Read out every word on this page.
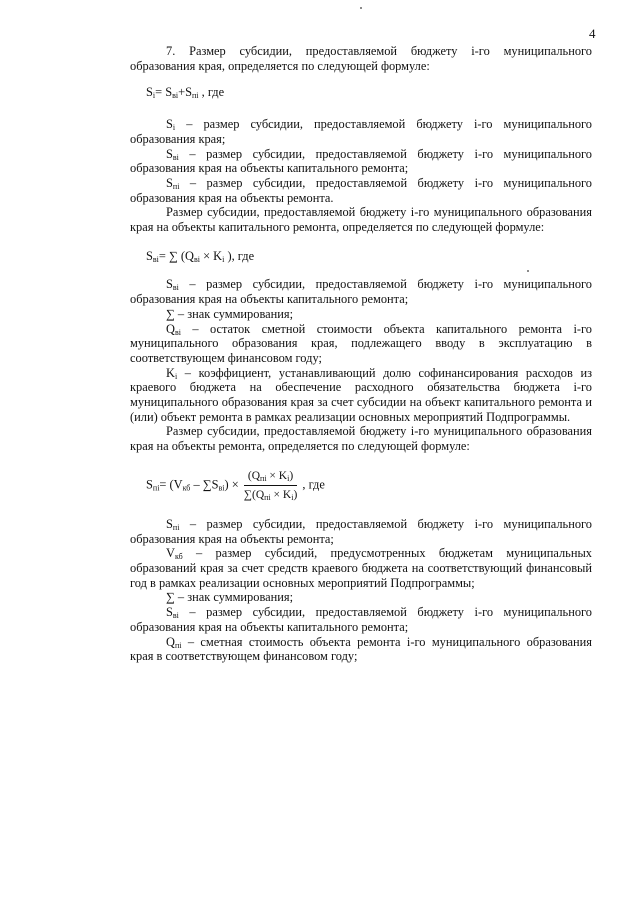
4

7. Размер субсидии, предоставляемой бюджету i-го муниципального образования края, определяется по следующей формуле:

$S_i= S_{вi}+S_{пi}$ , где

$S_i$ – размер субсидии, предоставляемой бюджету i-го муниципального образования края;

$S_{вi}$ – размер субсидии, предоставляемой бюджету i-го муниципального образования края на объекты капитального ремонта;

$S_{пi}$ – размер субсидии, предоставляемой бюджету i-го муниципального образования края на объекты ремонта.

Размер субсидии, предоставляемой бюджету i-го муниципального образования края на объекты капитального ремонта, определяется по следующей формуле:

$S_{вi}=$ ∑ ($Q_{вi} \times K_i$ ), где

$S_{вi}$ – размер субсидии, предоставляемой бюджету i-го муниципального образования края на объекты капитального ремонта;

∑ – знак суммирования;

$Q_{вi}$ – остаток сметной стоимости объекта капитального ремонта i-го муниципального образования края, подлежащего вводу в эксплуатацию в соответствующем финансовом году;

$K_i$ – коэффициент, устанавливающий долю софинансирования расходов из краевого бюджета на обеспечение расходного обязательства бюджета i-го муниципального образования края за счет субсидии на объект капитального ремонта и (или) объект ремонта в рамках реализации основных мероприятий Подпрограммы.

Размер субсидии, предоставляемой бюджету i-го муниципального образования края на объекты ремонта, определяется по следующей формуле:

$S_{пi}= (V_{кб} - \sum S_{вi}) \times \frac{(Q_{пi} \times K_i)}{\sum(Q_{пi} \times K_i)}$ , где

$S_{пi}$ – размер субсидии, предоставляемой бюджету i-го муниципального образования края на объекты ремонта;

$V_{кб}$ – размер субсидий, предусмотренных бюджетам муниципальных образований края за счет средств краевого бюджета на соответствующий финансовый год в рамках реализации основных мероприятий Подпрограммы;

∑ – знак суммирования;

$S_{вi}$ – размер субсидии, предоставляемой бюджету i-го муниципального образования края на объекты капитального ремонта;

$Q_{пi}$ – сметная стоимость объекта ремонта i-го муниципального образования края в соответствующем финансовом году;
